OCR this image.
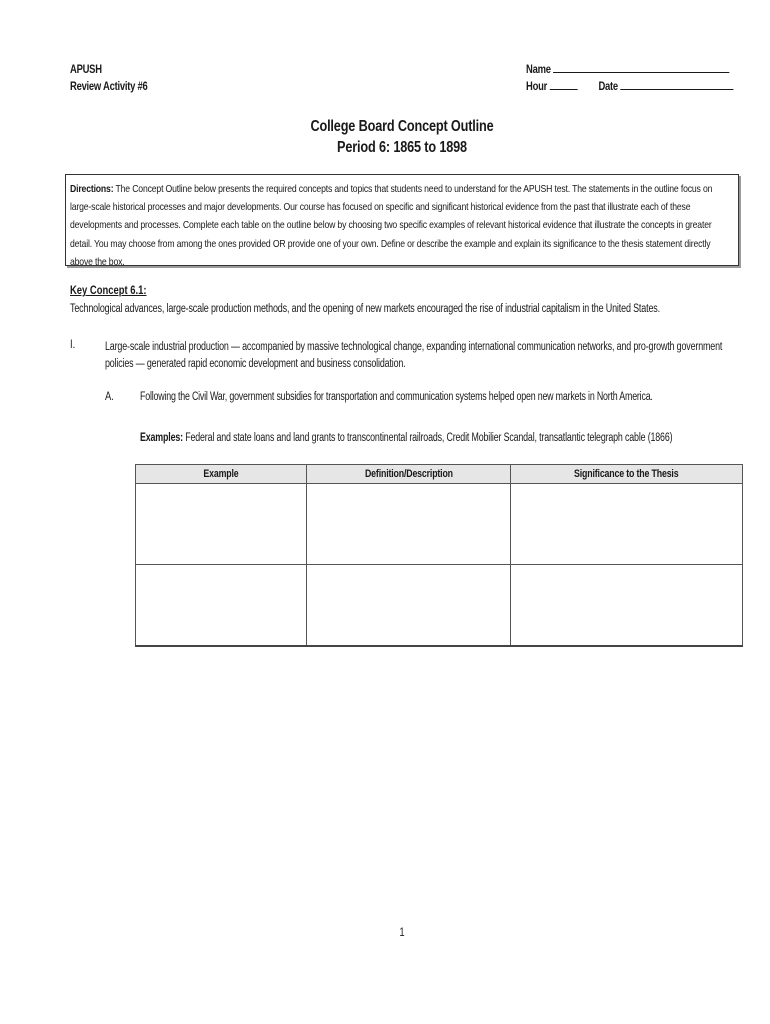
APUSH
Review Activity #6
Name
Hour	Date
College Board Concept Outline
Period 6: 1865 to 1898
Directions: The Concept Outline below presents the required concepts and topics that students need to understand for the APUSH test. The statements in the outline focus on large-scale historical processes and major developments. Our course has focused on specific and significant historical evidence from the past that illustrate each of these developments and processes. Complete each table on the outline below by choosing two specific examples of relevant historical evidence that illustrate the concepts in greater detail. You may choose from among the ones provided OR provide one of your own. Define or describe the example and explain its significance to the thesis statement directly above the box.
Key Concept 6.1:
Technological advances, large-scale production methods, and the opening of new markets encouraged the rise of industrial capitalism in the United States.
I.	Large-scale industrial production — accompanied by massive technological change, expanding international communication networks, and pro-growth government policies — generated rapid economic development and business consolidation.
A. Following the Civil War, government subsidies for transportation and communication systems helped open new markets in North America.
Examples: Federal and state loans and land grants to transcontinental railroads, Credit Mobilier Scandal, transatlantic telegraph cable (1866)
Example	Definition/Description	Significance to the Thesis

1
